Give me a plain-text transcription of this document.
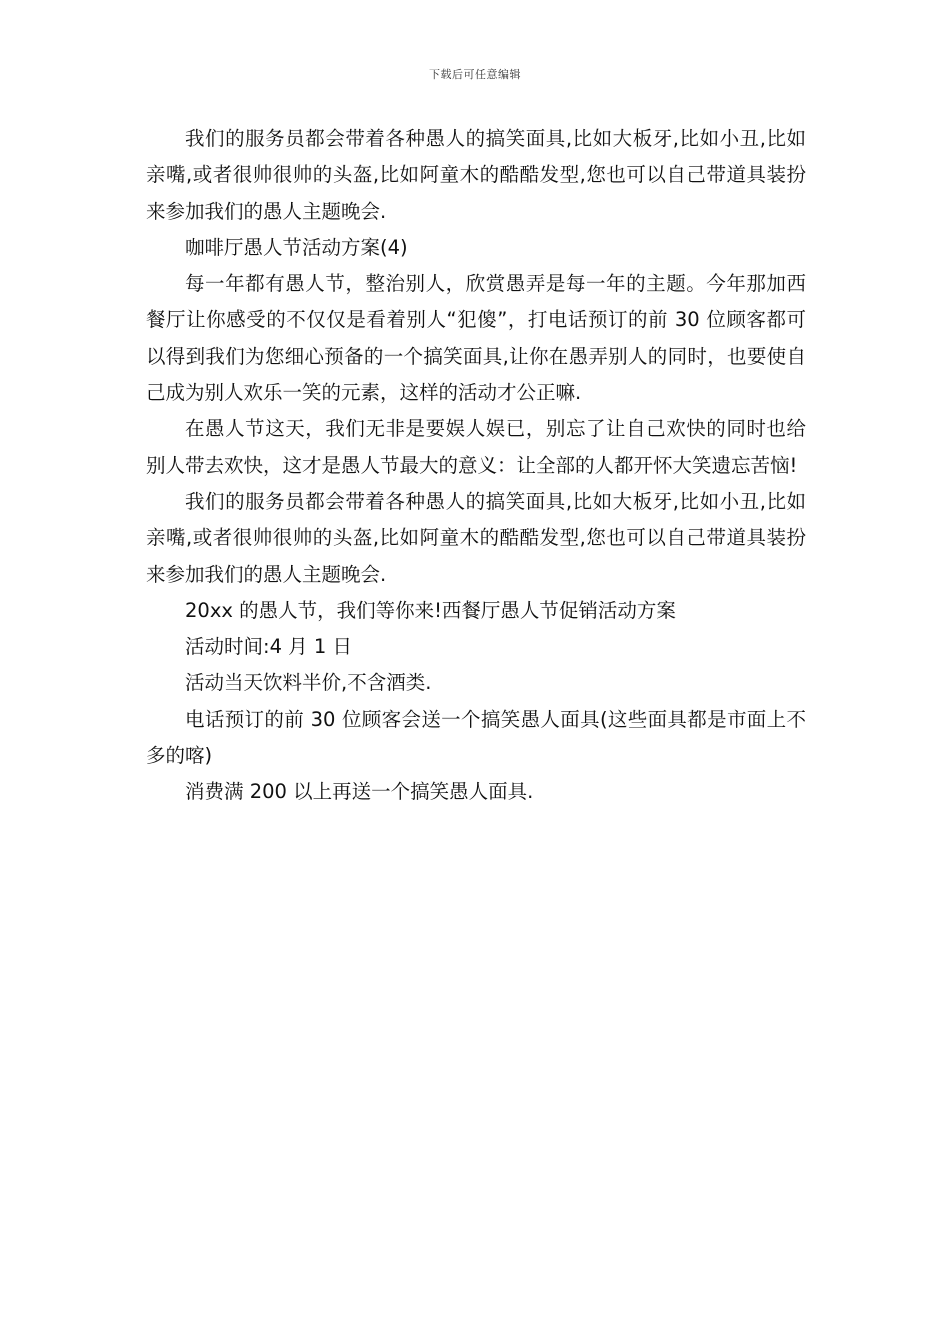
下载后可任意编辑

我们的服务员都会带着各种愚人的搞笑面具,比如大板牙,比如小丑,比如亲嘴,或者很帅很帅的头盔,比如阿童木的酷酷发型,您也可以自己带道具装扮来参加我们的愚人主题晚会.

咖啡厅愚人节活动方案(4)

每一年都有愚人节，整治别人，欣赏愚弄是每一年的主题。今年那加西餐厅让你感受的不仅仅是看着别人“犯傻”，打电话预订的前 30 位顾客都可以得到我们为您细心预备的一个搞笑面具,让你在愚弄别人的同时，也要使自己成为别人欢乐一笑的元素，这样的活动才公正嘛.

在愚人节这天，我们无非是要娱人娱已，别忘了让自己欢快的同时也给别人带去欢快，这才是愚人节最大的意义：让全部的人都开怀大笑遗忘苦恼!

我们的服务员都会带着各种愚人的搞笑面具,比如大板牙,比如小丑,比如亲嘴,或者很帅很帅的头盔,比如阿童木的酷酷发型,您也可以自己带道具装扮来参加我们的愚人主题晚会.

20xx 的愚人节，我们等你来!西餐厅愚人节促销活动方案

活动时间:4 月 1 日

活动当天饮料半价,不含酒类.

电话预订的前 30 位顾客会送一个搞笑愚人面具(这些面具都是市面上不多的喀)

消费满 200 以上再送一个搞笑愚人面具.
